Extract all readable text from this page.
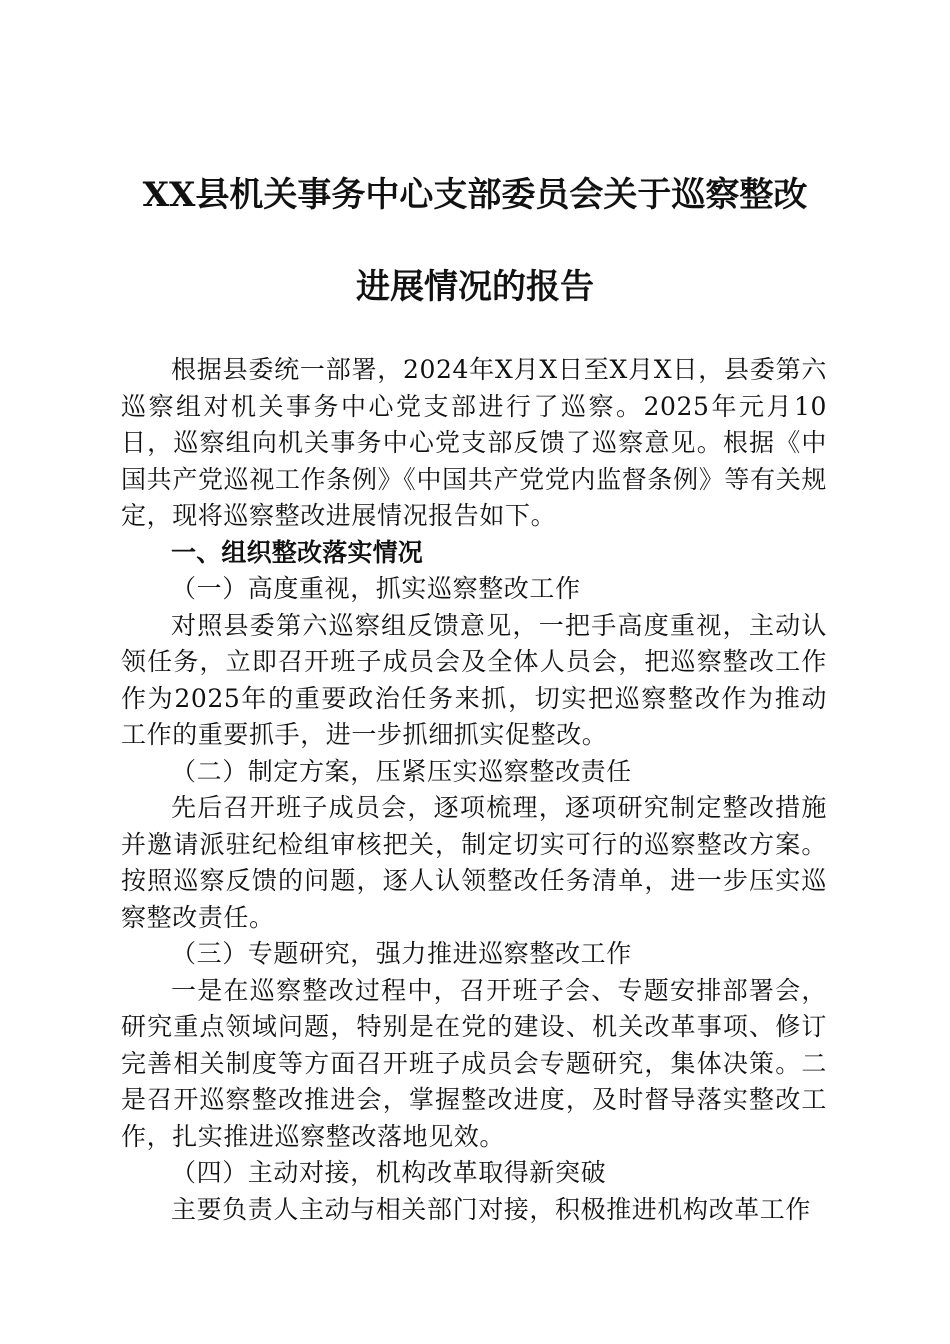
XX县机关事务中心支部委员会关于巡察整改
进展情况的报告

根据县委统一部署，2024年X月X日至X月X日，县委第六巡察组对机关事务中心党支部进行了巡察。2025年元月10日，巡察组向机关事务中心党支部反馈了巡察意见。根据《中国共产党巡视工作条例》《中国共产党党内监督条例》等有关规定，现将巡察整改进展情况报告如下。

一、组织整改落实情况

（一）高度重视，抓实巡察整改工作

对照县委第六巡察组反馈意见，一把手高度重视，主动认领任务，立即召开班子成员会及全体人员会，把巡察整改工作作为2025年的重要政治任务来抓，切实把巡察整改作为推动工作的重要抓手，进一步抓细抓实促整改。

（二）制定方案，压紧压实巡察整改责任

先后召开班子成员会，逐项梳理，逐项研究制定整改措施并邀请派驻纪检组审核把关，制定切实可行的巡察整改方案。按照巡察反馈的问题，逐人认领整改任务清单，进一步压实巡察整改责任。

（三）专题研究，强力推进巡察整改工作

一是在巡察整改过程中，召开班子会、专题安排部署会，研究重点领域问题，特别是在党的建设、机关改革事项、修订完善相关制度等方面召开班子成员会专题研究，集体决策。二是召开巡察整改推进会，掌握整改进度，及时督导落实整改工作，扎实推进巡察整改落地见效。

（四）主动对接，机构改革取得新突破

主要负责人主动与相关部门对接，积极推进机构改革工作
